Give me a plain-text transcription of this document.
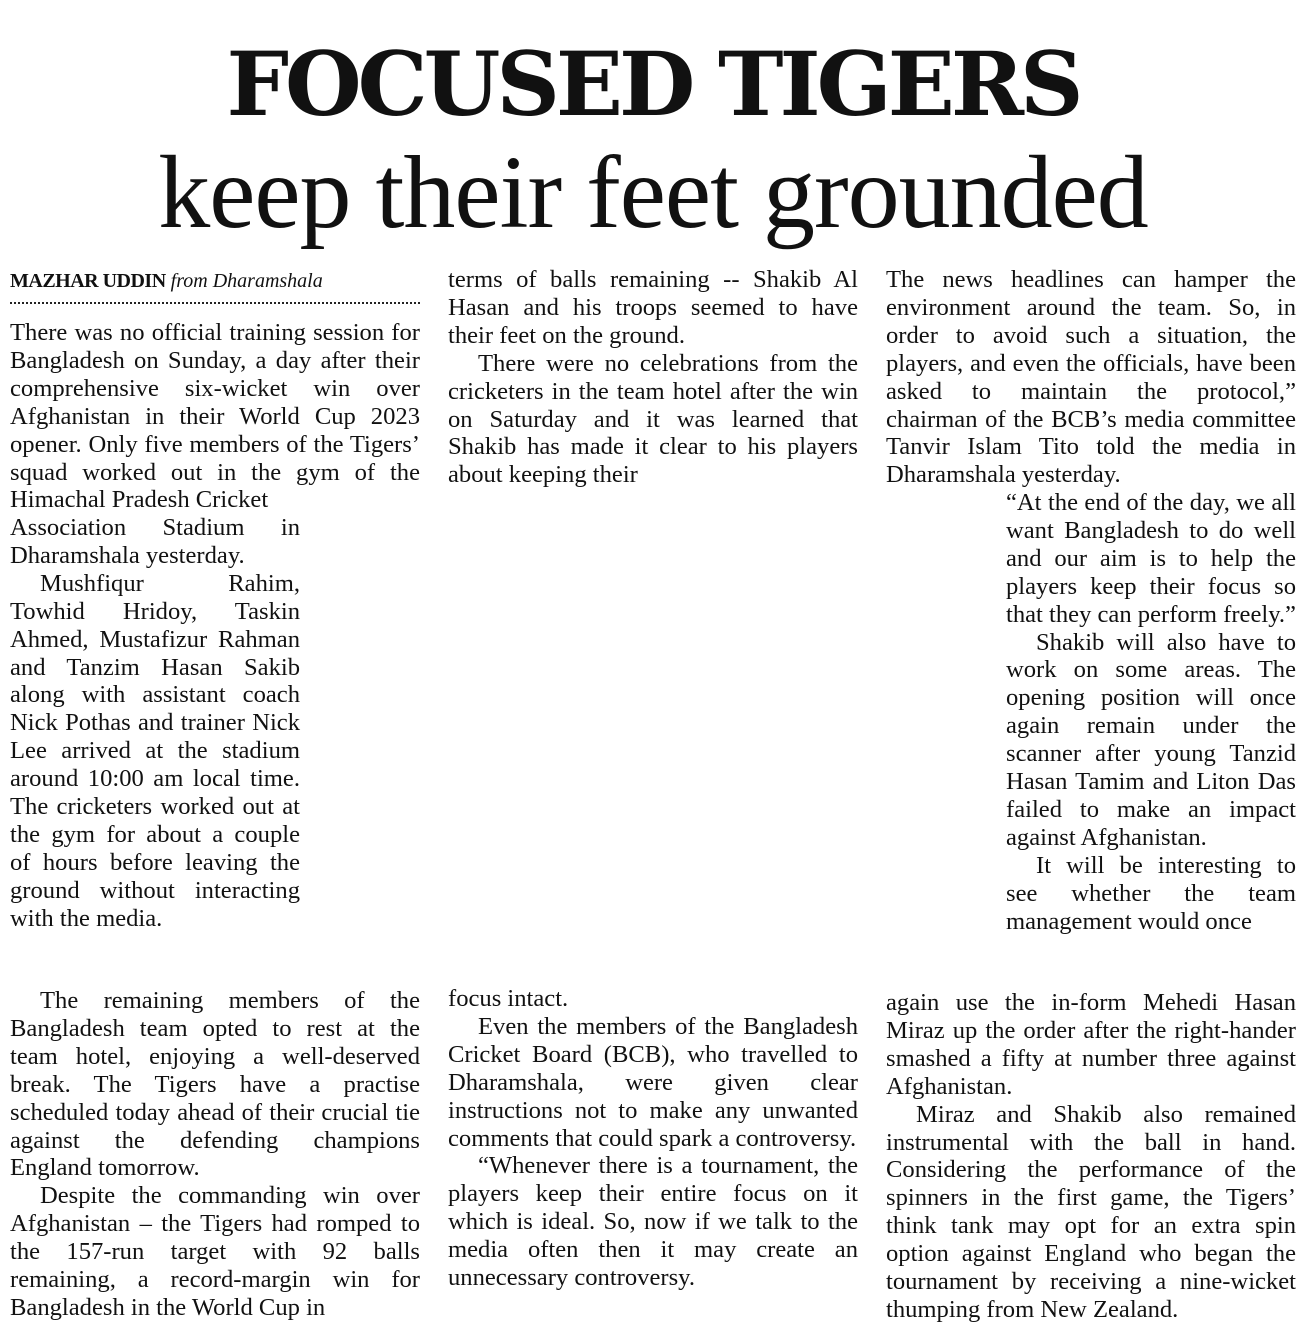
FOCUSED TIGERS
keep their feet grounded
MAZHAR UDDIN from Dharamshala

There was no official training session for Bangladesh on Sunday, a day after their comprehensive six-wicket win over Afghanistan in their World Cup 2023 opener. Only five members of the Tigers’ squad worked out in the gym of the Himachal Pradesh Cricket

Association Stadium in Dharamshala yesterday.

Mushfiqur Rahim, Towhid Hridoy, Taskin Ahmed, Mustafizur Rahman and Tanzim Hasan Sakib along with assistant coach Nick Pothas and trainer Nick Lee arrived at the stadium around 10:00 am local time. The cricketers worked out at the gym for about a couple of hours before leaving the ground without interacting with the media.

The remaining members of the Bangladesh team opted to rest at the team hotel, enjoying a well-deserved break. The Tigers have a practise scheduled today ahead of their crucial tie against the defending champions England tomorrow.

Despite the commanding win over Afghanistan – the Tigers had romped to the 157-run target with 92 balls remaining, a record-margin win for Bangladesh in the World Cup in

terms of balls remaining -- Shakib Al Hasan and his troops seemed to have their feet on the ground.

There were no celebrations from the cricketers in the team hotel after the win on Saturday and it was learned that Shakib has made it clear to his players about keeping their

focus intact.

Even the members of the Bangladesh Cricket Board (BCB), who travelled to Dharamshala, were given clear instructions not to make any unwanted comments that could spark a controversy.

“Whenever there is a tournament, the players keep their entire focus on it which is ideal. So, now if we talk to the media often then it may create an unnecessary controversy.

The news headlines can hamper the environment around the team. So, in order to avoid such a situation, the players, and even the officials, have been asked to maintain the protocol,” chairman of the BCB’s media committee Tanvir Islam Tito told the media in Dharamshala yesterday.

“At the end of the day, we all want Bangladesh to do well and our aim is to help the players keep their focus so that they can perform freely.”

Shakib will also have to work on some areas. The opening position will once again remain under the scanner after young Tanzid Hasan Tamim and Liton Das failed to make an impact against Afghanistan.

It will be interesting to see whether the team management would once

again use the in-form Mehedi Hasan Miraz up the order after the right-hander smashed a fifty at number three against Afghanistan.

Miraz and Shakib also remained instrumental with the ball in hand. Considering the performance of the spinners in the first game, the Tigers’ think tank may opt for an extra spin option against England who began the tournament by receiving a nine-wicket thumping from New Zealand.
